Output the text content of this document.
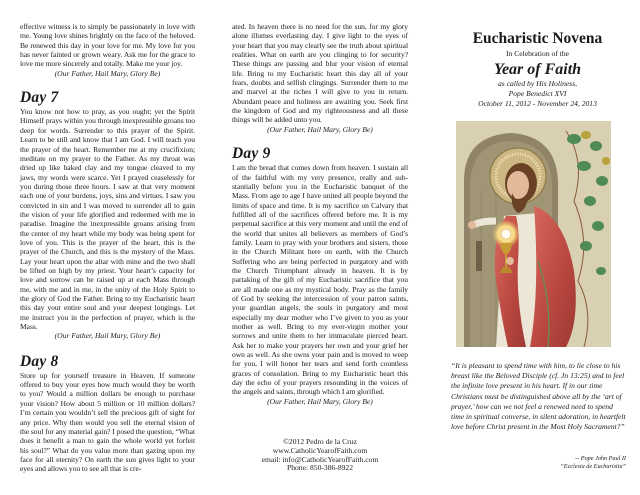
effective witness is to simply be passionately in love with me. Young love shines brightly on the face of the beloved. Be renewed this day in your love for me. My love for you has never fainted or grown weary. Ask me for the grace to love me more sincerely and totally. Make me your joy.

(Our Father, Hail Mary, Glory Be)

Day 7

You know not how to pray, as you ought; yet the Spirit Himself prays within you through inexpressible groans too deep for words. Surrender to this prayer of the Spirit. Learn to be still and know that I am God. I will teach you the prayer of the heart. Remember me at my crucifixion; meditate on my prayer to the Father. As my throat was dried up like baked clay and my tongue cleaved to my jaws, my words were scarce. Yet I prayed ceaselessly for you during those three hours. I saw at that very moment each one of your burdens, joys, sins and virtues. I saw you convicted in sin and I was moved to surrender all to gain the vision of your life glorified and redeemed with me in paradise. Imagine the inexpressible groans arising from the center of my heart while my body was being spent for love of you. This is the prayer of the heart, this is the prayer of the Church, and this is the mystery of the Mass. Lay your heart upon the altar with mine and the two shall be lifted on high by my priest. Your heart’s capacity for love and sorrow can be raised up at each Mass through me, with me and in me, in the unity of the Holy Spirit to the glory of God the Father. Bring to my Eucharistic heart this day your entire soul and your deepest longings. Let me instruct you in the perfection of prayer, which is the Mass.

(Our Father, Hail Mary, Glory Be)

Day 8

Store up for yourself treasure in Heaven. If someone offered to buy your eyes how much would they be worth to you? Would a million dollars be enough to purchase your vision? How about 5 million or 10 million dollars? I’m certain you wouldn’t sell the precious gift of sight for any price. Why then would you sell the eternal vision of the soul for any material gain? I posed the question, “What does it benefit a man to gain the whole world yet forfeit his soul?” What do you value more than gazing upon my face for all eternity? On earth the sun gives light to your eyes and allows you to see all that is cre-

ated. In heaven there is no need for the sun, for my glory alone illumes everlasting day. I give light to the eyes of your heart that you may clearly see the truth about spiritual realities. What on earth are you clinging to for security? These things are passing and blur your vision of eternal life. Bring to my Eucharistic heart this day all of your fears, doubts and selfish clingings. Surrender them to me and marvel at the riches I will give to you in return. Abundant peace and holiness are awaiting you. Seek first the kingdom of God and my righteousness and all these things will be added unto you.

(Our Father, Hail Mary, Glory Be)

Day 9

I am the bread that comes down from heaven. I sustain all of the faithful with my very presence, really and substantially before you in the Eucharistic banquet of the Mass. From age to age I have united all people beyond the limits of space and time. It is my sacrifice on Calvary that fulfilled all of the sacrifices offered before me. It is my perpetual sacrifice at this very moment and until the end of the world that unites all believers as members of God’s family. Learn to pray with your brothers and sisters, those in the Church Militant here on earth, with the Church Suffering who are being perfected in purgatory and with the Church Triumphant already in heaven. It is by partaking of the gift of my Eucharistic sacrifice that you are all made one as my mystical body. Pray as the family of God by seeking the intercession of your patron saints, your guardian angels, the souls in purgatory and most especially my dear mother who I’ve given to you as your mother as well. Bring to my ever-virgin mother your sorrows and unite them to her immaculate pierced heart. Ask her to make your prayers her own and your grief her own as well. As she owns your pain and is moved to weep for you, I will honor her tears and send forth countless graces of consolation. Bring to my Eucharistic heart this day the echo of your prayers resounding in the voices of the angels and saints, through which I am glorified.

(Our Father, Hail Mary, Glory Be)

©2012 Pedro de la Cruz
www.CatholicYearofFaith.com
email: info@CatholicYearofFaith.com
Phone: 850-386-8922
Eucharistic Novena
In Celebration of the
Year of Faith
as called by His Holiness,
Pope Benedict XVI
October 11, 2012 - November 24, 2013
“It is pleasant to spend time with him, to lie close to his breast like the Beloved Disciple (cf. Jn 13:25) and to feel the infinite love present in his heart. If in our time Christians must be distinguished above all by the ‘art of prayer,’ how can we not feel a renewed need to spend time in spiritual converse, in silent adoration, in heartfelt love before Christ present in the Most Holy Sacrament?”
-- Pope John Paul II
“Ecclesia de Eucharistia”
